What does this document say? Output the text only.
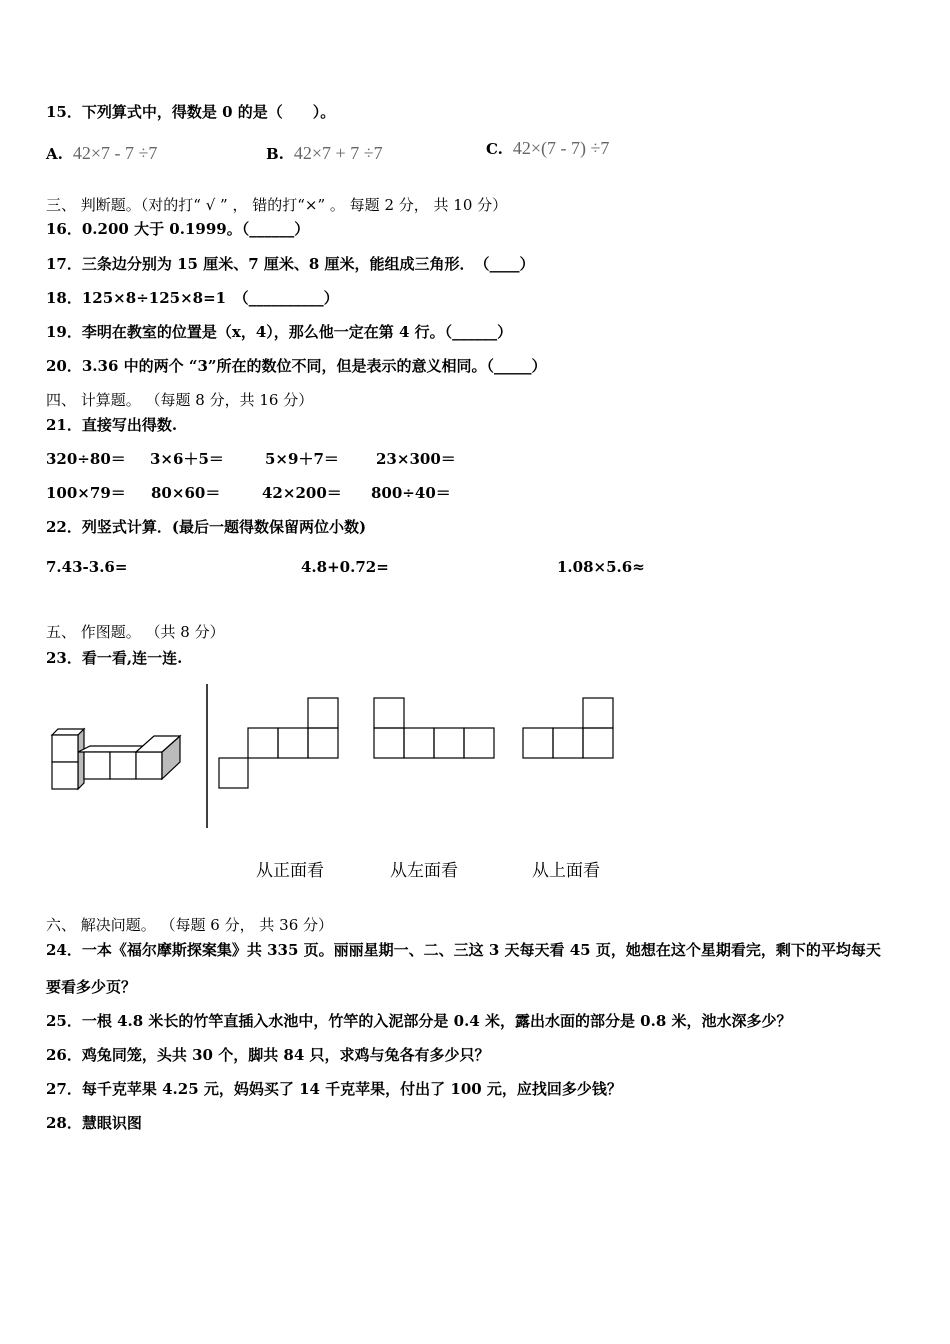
15．下列算式中，得数是 0 的是（　　）。
A. 42×7 - 7 ÷7	B. 42×7 + 7 ÷7	C. 42×(7 - 7) ÷7
三、 判断题。（对的打“ √ ” ， 错的打“×” 。 每题 2 分， 共 10 分）
16．0.200 大于 0.1999。（______）
17．三条边分别为 15 厘米、7 厘米、8 厘米，能组成三角形．　（____）
18．125×8÷125×8=1　（__________）
19．李明在教室的位置是（x，4），那么他一定在第 4 行。（______）
20．3.36 中的两个 “3”所在的数位不同，但是表示的意义相同。（_____）
四、 计算题。 （每题 8 分，共 16 分）
21．直接写出得数.
320÷80＝ 3×6＋5＝	5×9＋7＝ 23×300＝
100×79＝ 80×60＝	42×200＝ 800÷40＝
22．列竖式计算．(最后一题得数保留两位小数)
7.43-3.6=	4.8+0.72=	1.08×5.6≈
五、 作图题。 （共 8 分）
23．看一看,连一连.
从正面看	从左面看	从上面看
六、 解决问题。 （每题 6 分， 共 36 分）
24．一本《福尔摩斯探案集》共 335 页。丽丽星期一、二、三这 3 天每天看 45 页，她想在这个星期看完，剩下的平均每天
要看多少页？
25．一根 4.8 米长的竹竿直插入水池中，竹竿的入泥部分是 0.4 米，露出水面的部分是 0.8 米，池水深多少？
26．鸡兔同笼，头共 30 个，脚共 84 只，求鸡与兔各有多少只？
27．每千克苹果 4.25 元，妈妈买了 14 千克苹果，付出了 100 元，应找回多少钱？
28．慧眼识图
